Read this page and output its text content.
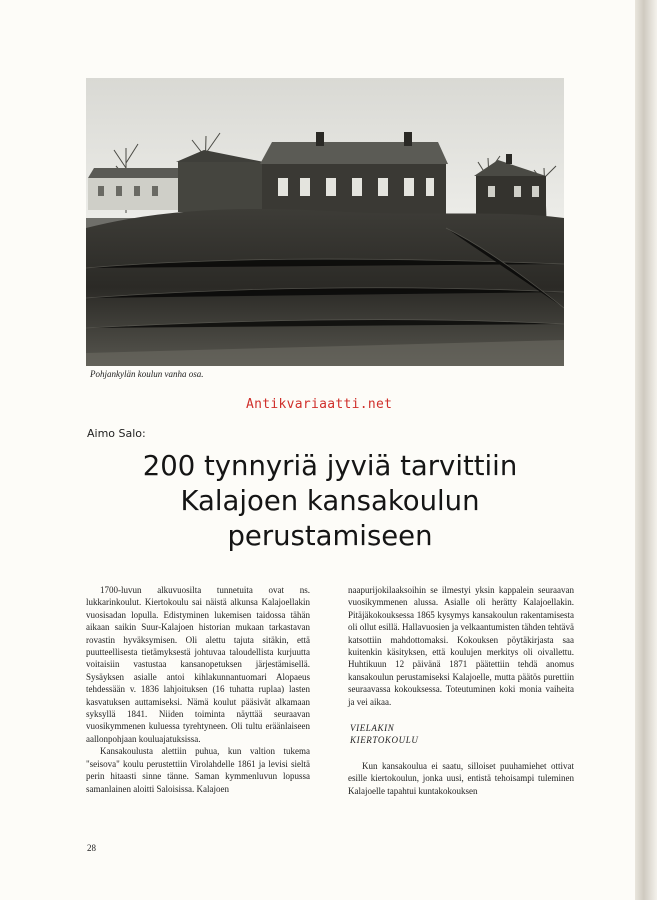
Pohjankylän koulun vanha osa.
Antikvariaatti.net
Aimo Salo:
200 tynnyriä jyviä tarvittiin
Kalajoen kansakoulun
perustamiseen

1700-luvun alkuvuosilta tunnetuita ovat ns. lukkarinkoulut. Kiertokoulu sai näistä alkunsa Kalajoellakin vuosisadan lopulla. Edistyminen lukemisen taidossa tähän aikaan saikin Suur-Kalajoen historian mukaan tarkastavan rovastin hyväksymisen. Oli alettu tajuta sitäkin, että puutteellisesta tietämyksestä johtuvaa taloudellista kurjuutta voitaisiin vastustaa kansanopetuksen järjestämisellä. Sysäyksen asialle antoi kihlakunnantuomari Alopaeus tehdessään v. 1836 lahjoituksen (16 tuhatta ruplaa) lasten kasvatuksen auttamiseksi. Nämä koulut pääsivät alkamaan syksyllä 1841. Niiden toiminta näyttää seuraavan vuosikymmenen kuluessa tyrehtyneen. Oli tultu eräänlaiseen aallonpohjaan kouluajatuksissa.

Kansakoulusta alettiin puhua, kun valtion tukema "seisova" koulu perustettiin Virolahdelle 1861 ja levisi sieltä perin hitaasti sinne tänne. Saman kymmenluvun lopussa samanlainen aloitti Saloisissa. Kalajoen

naapurijokilaaksoihin se ilmestyi yksin kappalein seuraavan vuosikymmenen alussa. Asialle oli herätty Kalajoellakin. Pitäjäkokouksessa 1865 kysymys kansakoulun rakentamisesta oli ollut esillä. Hallavuosien ja velkaantumisten tähden tehtävä katsottiin mahdottomaksi. Kokouksen pöytäkirjasta saa kuitenkin käsityksen, että koulujen merkitys oli oivallettu. Huhtikuun 12 päivänä 1871 päätettiin tehdä anomus kansakoulun perustamiseksi Kalajoelle, mutta päätös purettiin seuraavassa kokouksessa. Toteutuminen koki monia vaiheita ja vei aikaa.

VIELAKIN
KIERTOKOULU

Kun kansakoulua ei saatu, silloiset puuhamiehet ottivat esille kiertokoulun, jonka uusi, entistä tehoisampi tuleminen Kalajoelle tapahtui kuntakokouksen

28
